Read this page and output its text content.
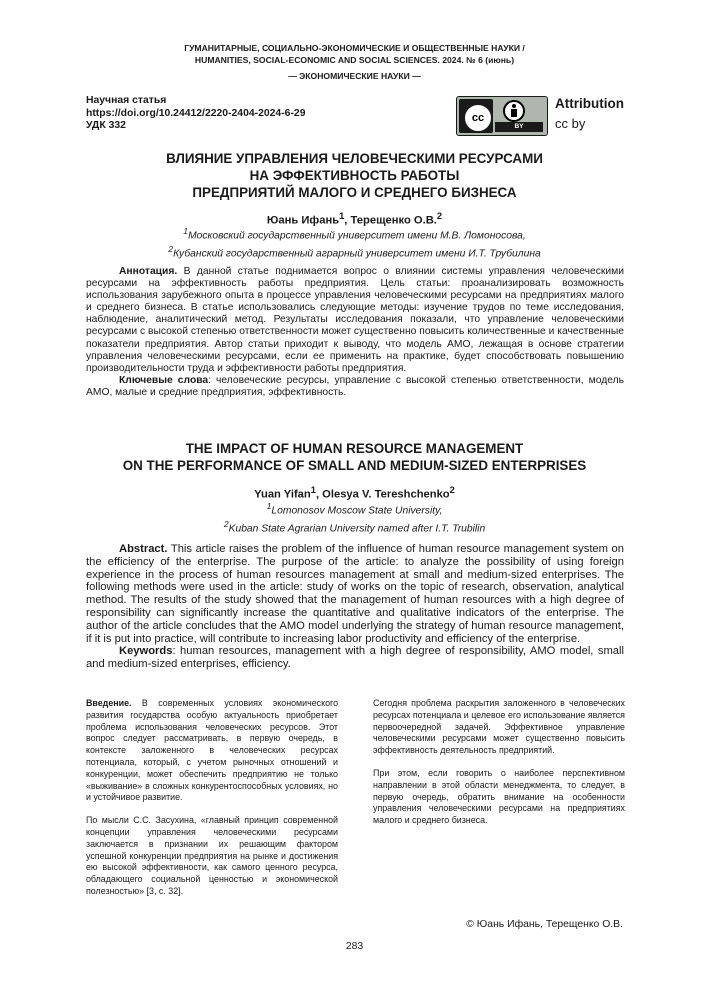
ГУМАНИТАРНЫЕ, СОЦИАЛЬНО-ЭКОНОМИЧЕСКИЕ И ОБЩЕСТВЕННЫЕ НАУКИ /
HUMANITIES, SOCIAL-ECONOMIC AND SOCIAL SCIENCES. 2024. № 6 (июнь)
— ЭКОНОМИЧЕСКИЕ НАУКИ —
Научная статья
https://doi.org/10.24412/2220-2404-2024-6-29
УДК 332
cc
BY
Attribution
cc by
ВЛИЯНИЕ УПРАВЛЕНИЯ ЧЕЛОВЕЧЕСКИМИ РЕСУРСАМИ
НА ЭФФЕКТИВНОСТЬ РАБОТЫ
ПРЕДПРИЯТИЙ МАЛОГО И СРЕДНЕГО БИЗНЕСА
Юань Ифань$^1$, Терещенко О.В.$^2$
$^1$Московский государственный университет имени М.В. Ломоносова,
$^2$Кубанский государственный аграрный университет имени И.Т. Трубилина

Аннотация. В данной статье поднимается вопрос о влиянии системы управления человеческими ресурсами на эффективность работы предприятия. Цель статьи: проанализировать возможность использования зарубежного опыта в процессе управления человеческими ресурсами на предприятиях малого и среднего бизнеса. В статье использовались следующие методы: изучение трудов по теме исследования, наблюдение, аналитический метод. Результаты исследования показали, что управление человеческими ресурсами с высокой степенью ответственности может существенно повысить количественные и качественные показатели предприятия. Автор статьи приходит к выводу, что модель АМО, лежащая в основе стратегии управления человеческими ресурсами, если ее применить на практике, будет способствовать повышению производительности труда и эффективности работы предприятия.

Ключевые слова: человеческие ресурсы, управление с высокой степенью ответственности, модель АМО, малые и средние предприятия, эффективность.

THE IMPACT OF HUMAN RESOURCE MANAGEMENT
ON THE PERFORMANCE OF SMALL AND MEDIUM-SIZED ENTERPRISES
Yuan Yifan$^1$, Olesya V. Tereshchenko$^2$
$^1$Lomonosov Moscow State University,
$^2$Kuban State Agrarian University named after I.T. Trubilin

Abstract. This article raises the problem of the influence of human resource management system on the efficiency of the enterprise. The purpose of the article: to analyze the possibility of using foreign experience in the process of human resources management at small and medium-sized enterprises. The following methods were used in the article: study of works on the topic of research, observation, analytical method. The results of the study showed that the management of human resources with a high degree of responsibility can significantly increase the quantitative and qualitative indicators of the enterprise. The author of the article concludes that the AMO model underlying the strategy of human resource management, if it is put into practice, will contribute to increasing labor productivity and efficiency of the enterprise.

Keywords: human resources, management with a high degree of responsibility, AMO model, small and medium-sized enterprises, efficiency.

Введение. В современных условиях экономического развития государства особую актуальность приобретает проблема использования человеческих ресурсов. Этот вопрос следует рассматривать, в первую очередь, в контексте заложенного в человеческих ресурсах потенциала, который, с учетом рыночных отношений и конкуренции, может обеспечить предприятию не только «выживание» в сложных конкурентоспособных условиях, но и устойчивое развитие.

По мысли С.С. Засухина, «главный принцип современной концепции управления человеческими ресурсами заключается в признании их решающим фактором успешной конкуренции предприятия на рынке и достижения ею высокой эффективности, как самого ценного ресурса, обладающего социальной ценностью и экономической полезностью» [3, с. 32].

Сегодня проблема раскрытия заложенного в человеческих ресурсах потенциала и целевое его использование является первоочередной задачей. Эффективное управление человеческими ресурсами может существенно повысить эффективность деятельность предприятий.

При этом, если говорить о наиболее перспективном направлении в этой области менеджмента, то следует, в первую очередь, обратить внимание на особенности управления человеческими ресурсами на предприятиях малого и среднего бизнеса.

© Юань Ифань, Терещенко О.В.
283
